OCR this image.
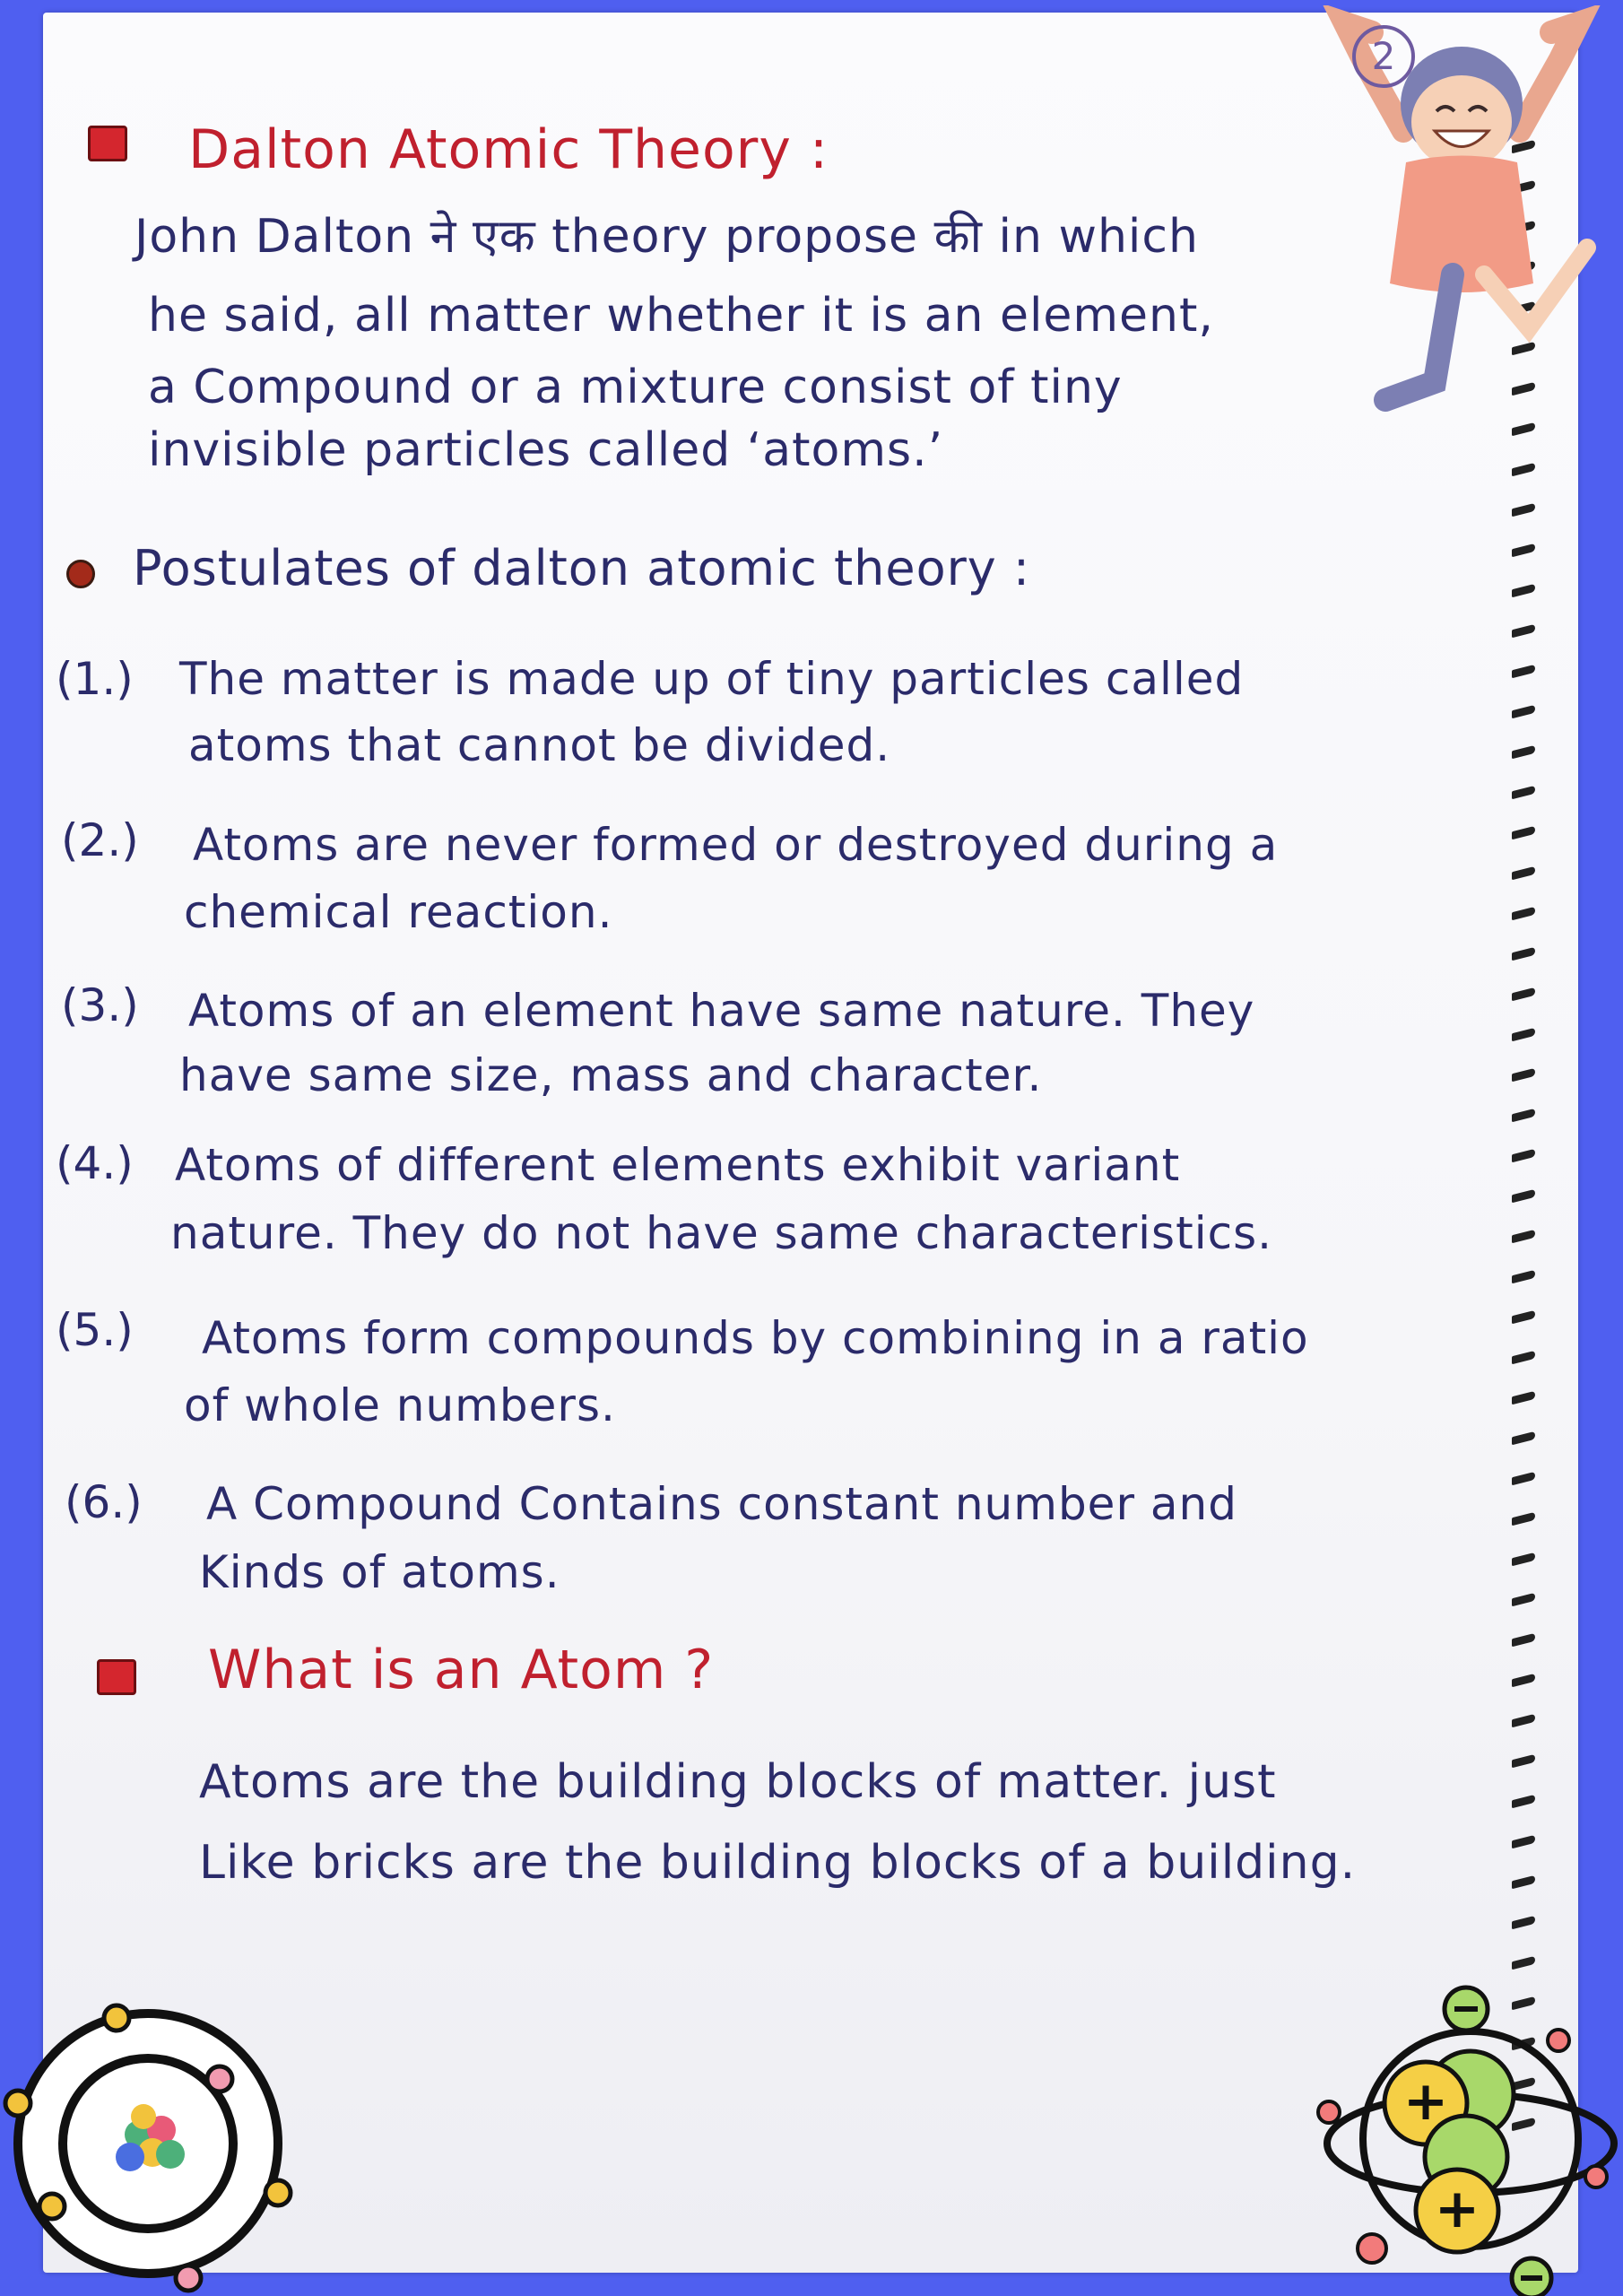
Dalton Atomic Theory :
John Dalton ने एक theory propose की in which
he said, all matter whether it is an element,
a Compound or a mixture consist of tiny
invisible particles called ‘atoms.’
Postulates of dalton atomic theory :
(1.) The matter is made up of tiny particles called
atoms that cannot be divided.
(2.) Atoms are never formed or destroyed during a
chemical reaction.
(3.) Atoms of an element have same nature. They
have same size, mass and character.
(4.) Atoms of different elements exhibit variant
nature. They do not have same characteristics.
(5.) Atoms form compounds by combining in a ratio
of whole numbers.
(6.) A Compound Contains constant number and
Kinds of atoms.
What is an Atom ?
Atoms are the building blocks of matter. just
Like bricks are the building blocks of a building.
2
+
+
